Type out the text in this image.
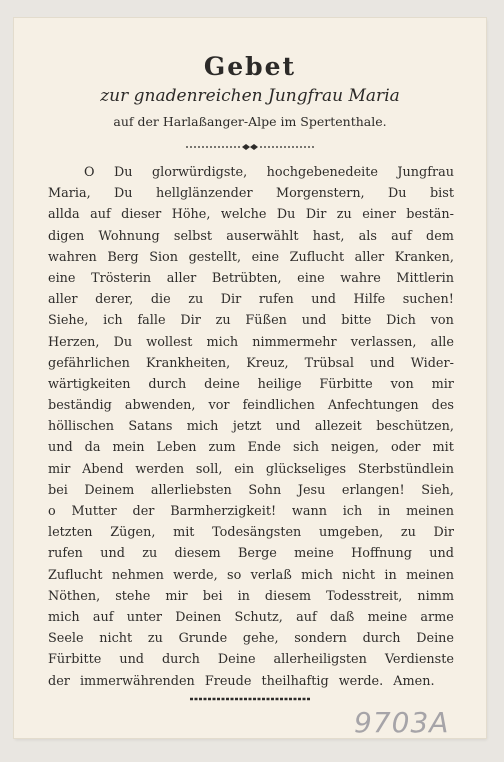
Gebet
zur gnadenreichen Jungfrau Maria
auf der Harlaßanger-Alpe im Spertenthale.
O Du glorwürdigste, hochgebenedeite Jungfrau
Maria, Du hellglänzender Morgenstern, Du bist
allda auf dieser Höhe, welche Du Dir zu einer bestän-
digen Wohnung selbst auserwählt hast, als auf dem
wahren Berg Sion gestellt, eine Zuflucht aller Kranken,
eine Trösterin aller Betrübten, eine wahre Mittlerin
aller derer, die zu Dir rufen und Hilfe suchen!
Siehe, ich falle Dir zu Füßen und bitte Dich von
Herzen, Du wollest mich nimmermehr verlassen, alle
gefährlichen Krankheiten, Kreuz, Trübsal und Wider-
wärtigkeiten durch deine heilige Fürbitte von mir
beständig abwenden, vor feindlichen Anfechtungen des
höllischen Satans mich jetzt und allezeit beschützen,
und da mein Leben zum Ende sich neigen, oder mit
mir Abend werden soll, ein glückseliges Sterbstündlein
bei Deinem allerliebsten Sohn Jesu erlangen! Sieh,
o Mutter der Barmherzigkeit! wann ich in meinen
letzten Zügen, mit Todesängsten umgeben, zu Dir
rufen und zu diesem Berge meine Hoffnung und
Zuflucht nehmen werde, so verlaß mich nicht in meinen
Nöthen, stehe mir bei in diesem Todesstreit, nimm
mich auf unter Deinen Schutz, auf daß meine arme
Seele nicht zu Grunde gehe, sondern durch Deine
Fürbitte und durch Deine allerheiligsten Verdienste
der immerwährenden Freude theilhaftig werde. Amen.
9703A
